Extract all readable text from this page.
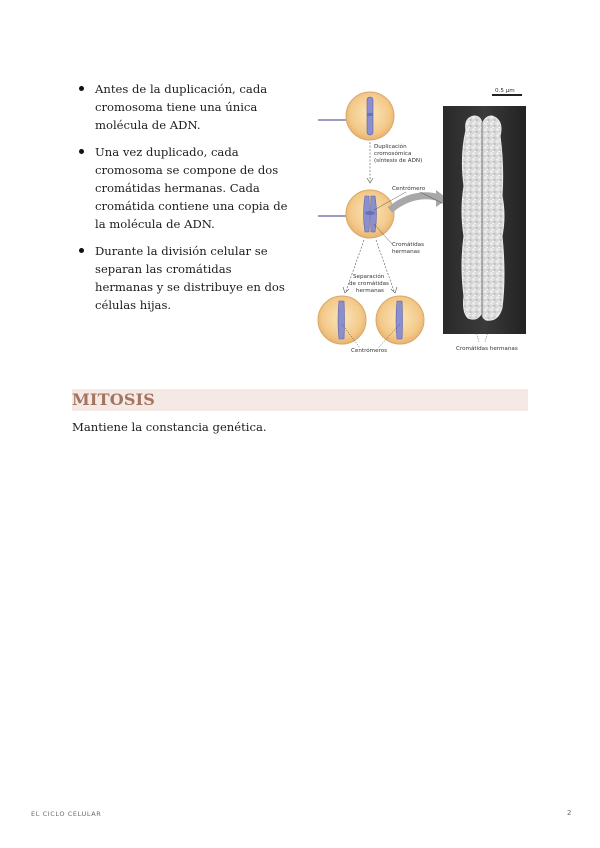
Antes de la duplicación, cada cromosoma tiene una única molécula de ADN.
Una vez duplicado, cada cromosoma se compone de dos cromátidas hermanas. Cada cromátida contiene una copia de la molécula de ADN.
Durante la división celular se separan las cromátidas hermanas y se distribuye en dos células hijas.
Duplicación
cromosómica
(síntesis de ADN)
Centrómero
Cromátidas
hermanas
Separación
de cromátidas
hermanas
Centrómeros
0.5 µm
Cromátidas hermanas
MITOSIS
Mantiene la constancia genética.
EL CICLO CELULAR	2
